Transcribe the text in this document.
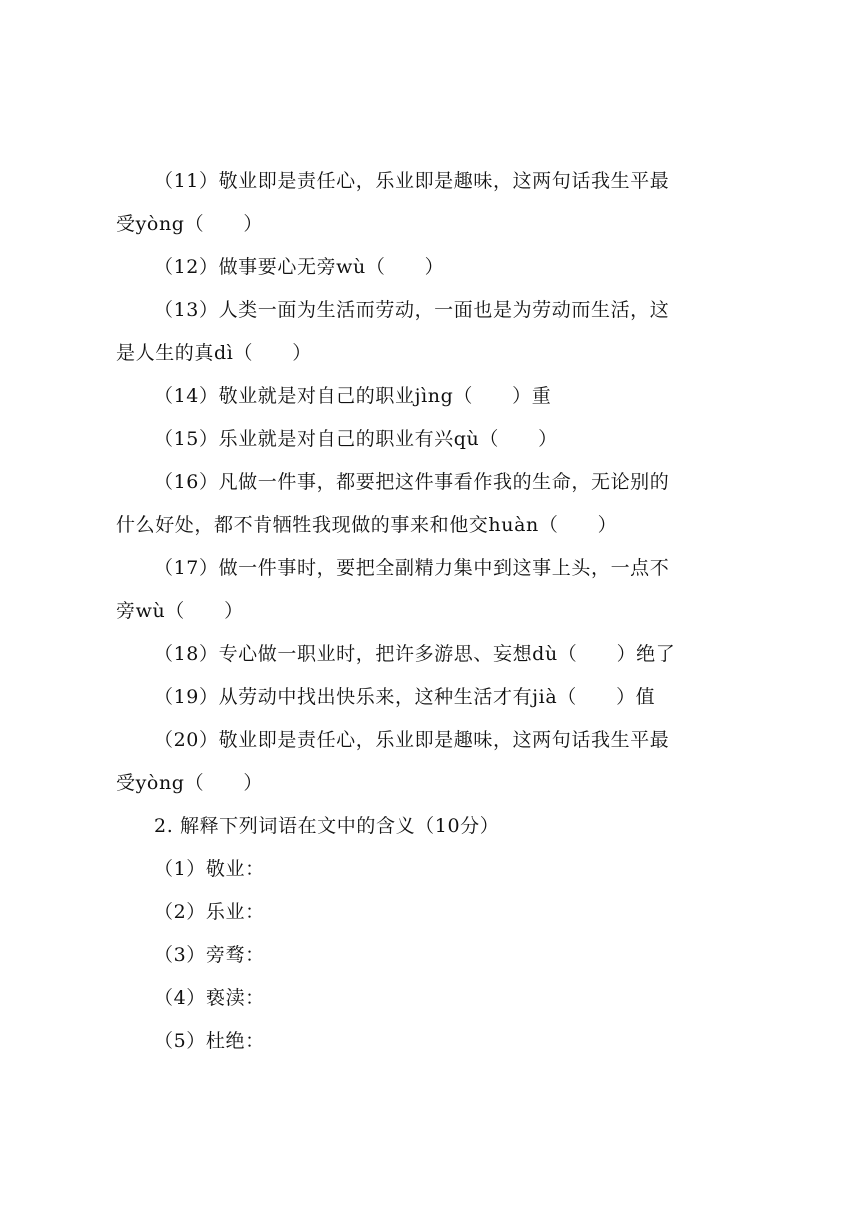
（11）敬业即是责任心，乐业即是趣味，这两句话我生平最
受yòng（　　）
（12）做事要心无旁wù（　　）
（13）人类一面为生活而劳动，一面也是为劳动而生活，这
是人生的真dì（　　）
（14）敬业就是对自己的职业jìng（　　）重
（15）乐业就是对自己的职业有兴qù（　　）
（16）凡做一件事，都要把这件事看作我的生命，无论别的
什么好处，都不肯牺牲我现做的事来和他交huàn（　　）
（17）做一件事时，要把全副精力集中到这事上头，一点不
旁wù（　　）
（18）专心做一职业时，把许多游思、妄想dù（　　）绝了
（19）从劳动中找出快乐来，这种生活才有jià（　　）值
（20）敬业即是责任心，乐业即是趣味，这两句话我生平最
受yòng（　　）
2. 解释下列词语在文中的含义（10分）
（1）敬业：
（2）乐业：
（3）旁骛：
（4）亵渎：
（5）杜绝：
